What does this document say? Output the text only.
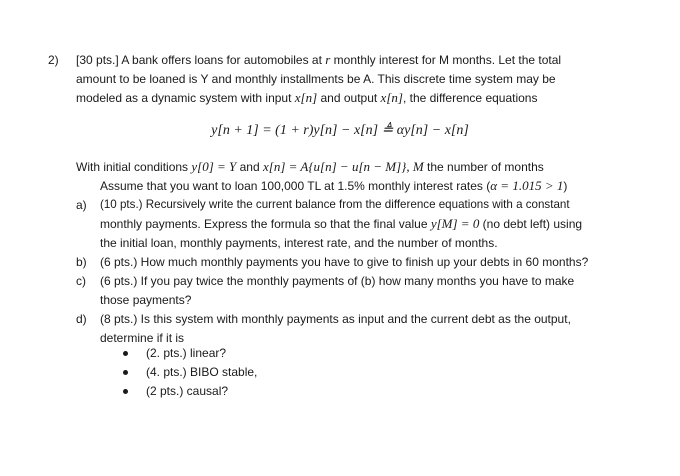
2) [30 pts.] A bank offers loans for automobiles at r monthly interest for M months. Let the total
amount to be loaned is Y and monthly installments be A. This discrete time system may be
modeled as a dynamic system with input x[n] and output x[n], the difference equations
y[n + 1] = (1 + r)y[n] − x[n] ≜ αy[n] − x[n]
With initial conditions y[0] = Y and x[n] = A{u[n] − u[n − M]}, M the number of months
Assume that you want to loan 100,000 TL at 1.5% monthly interest rates (α = 1.015 > 1)
a) (10 pts.) Recursively write the current balance from the difference equations with a constant
monthly payments. Express the formula so that the final value y[M] = 0 (no debt left) using
the initial loan, monthly payments, interest rate, and the number of months.
b) (6 pts.) How much monthly payments you have to give to finish up your debts in 60 months?
c) (6 pts.) If you pay twice the monthly payments of (b) how many months you have to make
those payments?
d) (8 pts.) Is this system with monthly payments as input and the current debt as the output,
determine if it is
(2. pts.) linear?
(4. pts.) BIBO stable,
(2 pts.) causal?
